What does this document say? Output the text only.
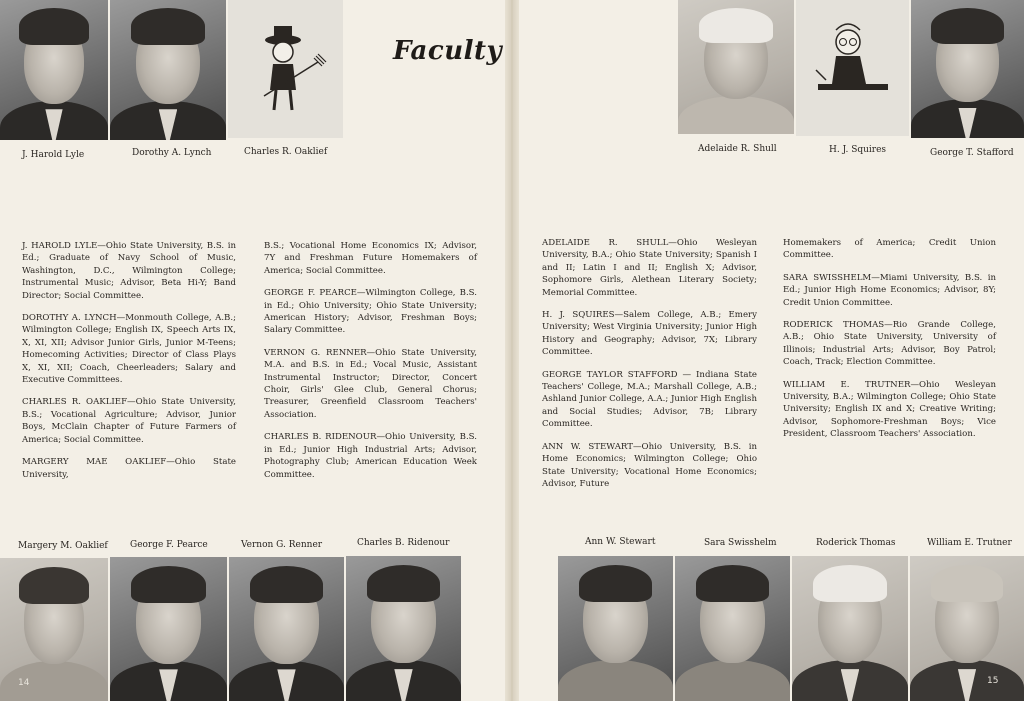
Faculty
J. Harold Lyle	Dorothy A. Lynch	Charles R. Oaklief	Adelaide R. Shull	H. J. Squires	George T. Stafford

J. HAROLD LYLE—Ohio State University, B.S. in Ed.; Graduate of Navy School of Music, Washington, D.C., Wilmington College; Instrumental Music; Advisor, Beta Hi-Y; Band Director; Social Committee.

DOROTHY A. LYNCH—Monmouth College, A.B.; Wilmington College; English IX, Speech Arts IX, X, XI, XII; Advisor Junior Girls, Junior M-Teens; Homecoming Activities; Director of Class Plays X, XI, XII; Coach, Cheerleaders; Salary and Executive Committees.

CHARLES R. OAKLIEF—Ohio State University, B.S.; Vocational Agriculture; Advisor, Junior Boys, McClain Chapter of Future Farmers of America; Social Committee.

MARGERY MAE OAKLIEF—Ohio State University,

B.S.; Vocational Home Economics IX; Advisor, 7Y and Freshman Future Homemakers of America; Social Committee.

GEORGE F. PEARCE—Wilmington College, B.S. in Ed.; Ohio University; Ohio State University; American History; Advisor, Freshman Boys; Salary Committee.

VERNON G. RENNER—Ohio State University, M.A. and B.S. in Ed.; Vocal Music, Assistant Instrumental Instructor; Director, Concert Choir, Girls' Glee Club, General Chorus; Treasurer, Greenfield Classroom Teachers' Association.

CHARLES B. RIDENOUR—Ohio University, B.S. in Ed.; Junior High Industrial Arts; Advisor, Photography Club; American Education Week Committee.

ADELAIDE R. SHULL—Ohio Wesleyan University, B.A.; Ohio State University; Spanish I and II; Latin I and II; English X; Advisor, Sophomore Girls, Alethean Literary Society; Memorial Committee.

H. J. SQUIRES—Salem College, A.B.; Emery University; West Virginia University; Junior High History and Geography; Advisor, 7X; Library Committee.

GEORGE TAYLOR STAFFORD — Indiana State Teachers' College, M.A.; Marshall College, A.B.; Ashland Junior College, A.A.; Junior High English and Social Studies; Advisor, 7B; Library Committee.

ANN W. STEWART—Ohio University, B.S. in Home Economics; Wilmington College; Ohio State University; Vocational Home Economics; Advisor, Future

Homemakers of America; Credit Union Committee.

SARA SWISSHELM—Miami University, B.S. in Ed.; Junior High Home Economics; Advisor, 8Y; Credit Union Committee.

RODERICK THOMAS—Rio Grande College, A.B.; Ohio State University, University of Illinois; Industrial Arts; Advisor, Boy Patrol; Coach, Track; Election Committee.

WILLIAM E. TRUTNER—Ohio Wesleyan University, B.A.; Wilmington College; Ohio State University; English IX and X; Creative Writing; Advisor, Sophomore-Freshman Boys; Vice President, Classroom Teachers' Association.

Margery M. Oaklief George F. Pearce	Vernon G. Renner	Charles B. Ridenour	Ann W. Stewart	Sara Swisshelm	Roderick Thomas	William E. Trutner
14	15
